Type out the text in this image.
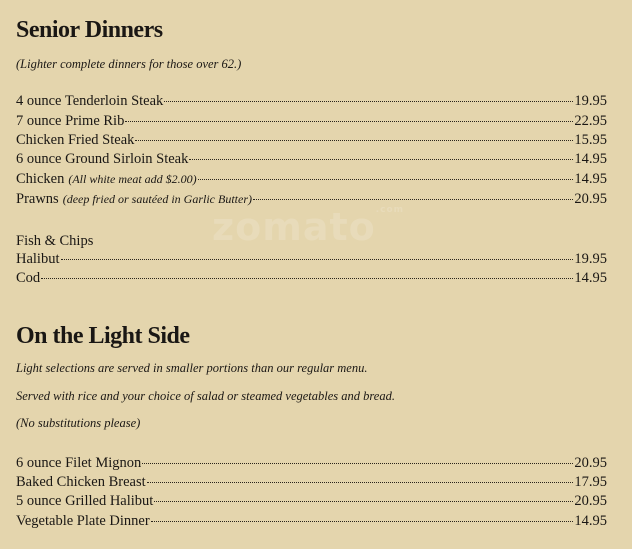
zomato$^{.com}$
Senior Dinners
(Lighter complete dinners for those over 62.)
4 ounce Tenderloin Steak	19.95
7 ounce Prime Rib	22.95
Chicken Fried Steak	15.95
6 ounce Ground Sirloin Steak	14.95
Chicken (All white meat add $2.00)	14.95
Prawns (deep fried or sautéed in Garlic Butter)	20.95
Fish & Chips
Halibut	19.95
Cod	14.95
On the Light Side
Light selections are served in smaller portions than our regular menu.
Served with rice and your choice of salad or steamed vegetables and bread.
(No substitutions please)
6 ounce Filet Mignon	20.95
Baked Chicken Breast	17.95
5 ounce Grilled Halibut	20.95
Vegetable Plate Dinner	14.95
